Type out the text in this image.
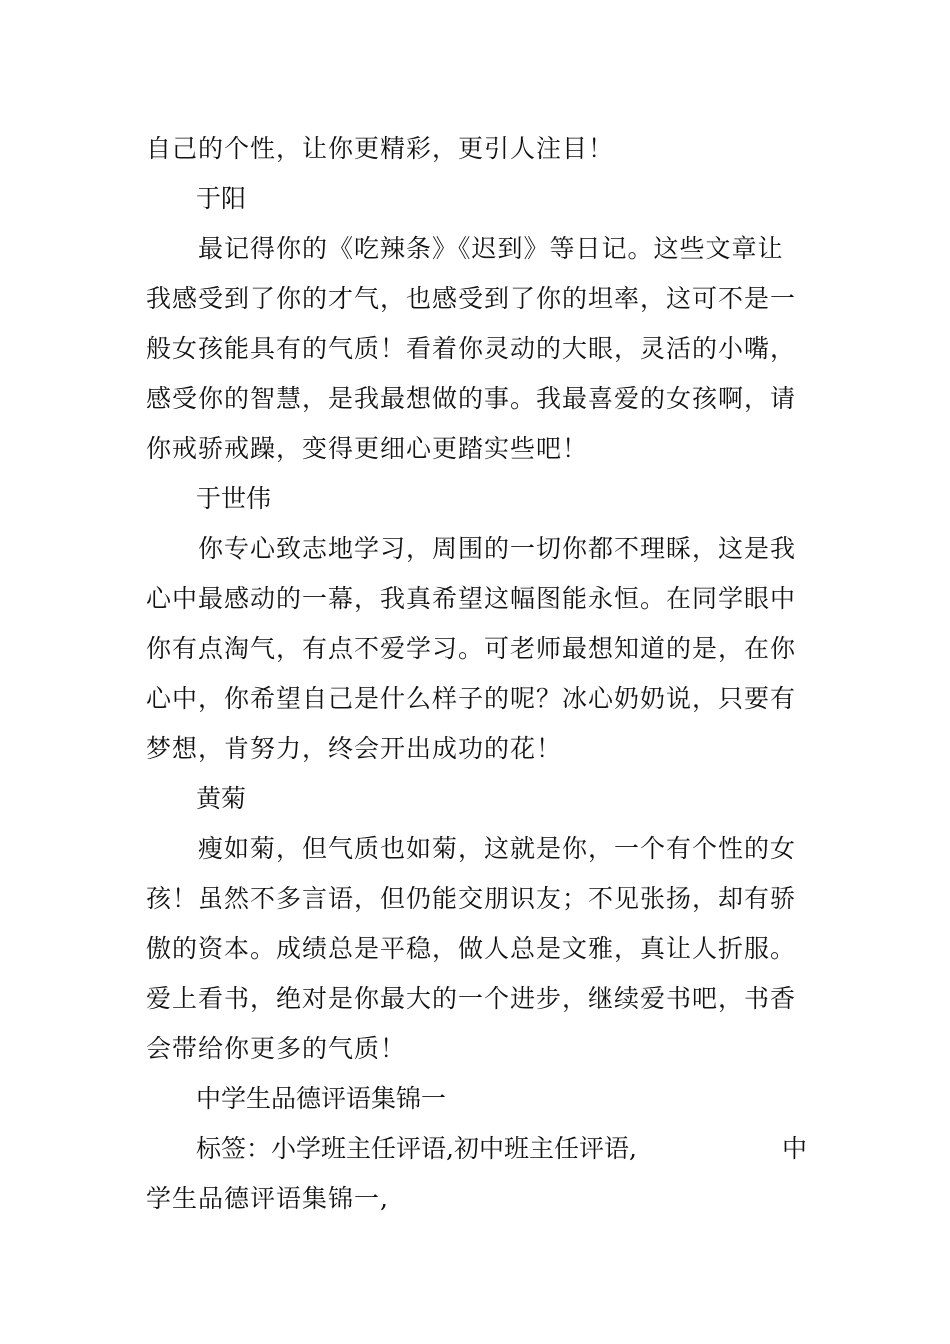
自己的个性，让你更精彩，更引人注目！
于阳
最记得你的《吃辣条》《迟到》等日记。这些文章让
我感受到了你的才气，也感受到了你的坦率，这可不是一
般女孩能具有的气质！看着你灵动的大眼，灵活的小嘴，
感受你的智慧，是我最想做的事。我最喜爱的女孩啊，请
你戒骄戒躁，变得更细心更踏实些吧！
于世伟
你专心致志地学习，周围的一切你都不理睬，这是我
心中最感动的一幕，我真希望这幅图能永恒。在同学眼中
你有点淘气，有点不爱学习。可老师最想知道的是，在你
心中，你希望自己是什么样子的呢？冰心奶奶说，只要有
梦想，肯努力，终会开出成功的花！
黄菊
瘦如菊，但气质也如菊，这就是你，一个有个性的女
孩！虽然不多言语，但仍能交朋识友；不见张扬，却有骄
傲的资本。成绩总是平稳，做人总是文雅，真让人折服。
爱上看书，绝对是你最大的一个进步，继续爱书吧，书香
会带给你更多的气质！
中学生品德评语集锦一
标签：小学班主任评语,初中班主任评语,	中
学生品德评语集锦一,
